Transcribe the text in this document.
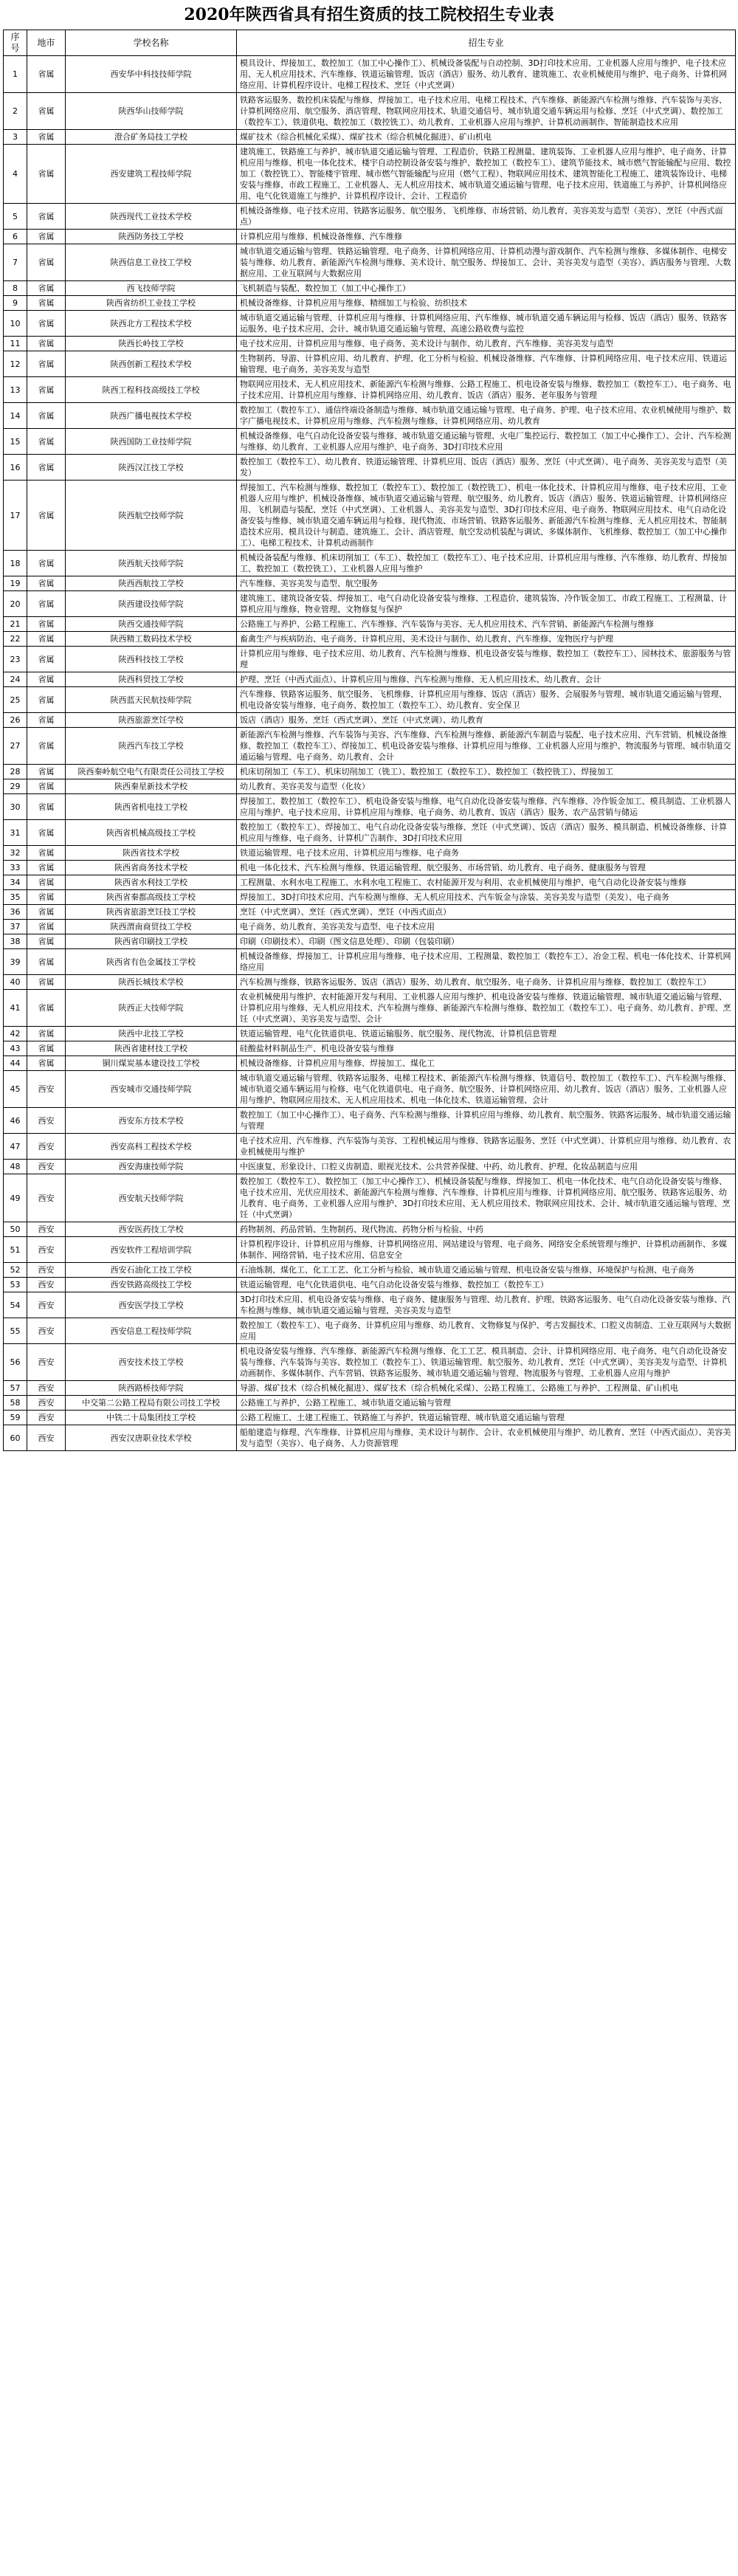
2020年陕西省具有招生资质的技工院校招生专业表
序号	地市	学校名称	招生专业
1	省属	西安华中科技技师学院	模具设计、焊接加工、数控加工（加工中心操作工）、机械设备装配与自动控制、3D打印技术应用、工业机器人应用与维护、电子技术应用、无人机应用技术、汽车维修、铁道运输管理、饭店（酒店）服务、幼儿教育、建筑施工、农业机械使用与维护、电子商务、计算机网络应用、计算机程序设计、电梯工程技术、烹饪（中式烹调）
2	省属	陕西华山技师学院	铁路客运服务、数控机床装配与维修、焊接加工、电子技术应用、电梯工程技术、汽车维修、新能源汽车检测与维修、汽车装饰与美容、计算机网络应用、航空服务、酒店管理、物联网应用技术、轨道交通信号、城市轨道交通车辆运用与检修、烹饪（中式烹调）、数控加工（数控车工）、铁道供电、数控加工（数控铣工）、幼儿教育、工业机器人应用与维护、计算机动画制作、智能制造技术应用
3	省属	澄合矿务局技工学校	煤矿技术（综合机械化采煤）、煤矿技术（综合机械化掘进）、矿山机电
4	省属	西安建筑工程技师学院	建筑施工、铁路施工与养护、城市轨道交通运输与管理、工程造价、铁路工程测量、建筑装饰、工业机器人应用与维护、电子商务、计算机应用与维修、机电一体化技术、楼宇自动控制设备安装与维护、数控加工（数控车工）、建筑节能技术、城市燃气智能输配与应用、数控加工（数控铣工）、智能楼宇管理、城市燃气智能输配与应用（燃气工程）、物联网应用技术、建筑智能化工程施工、建筑装饰设计、电梯安装与维修、市政工程施工、工业机器人、无人机应用技术、城市轨道交通运输与管理、电子技术应用、铁道施工与养护、计算机网络应用、电气化铁道施工与维护、计算机程序设计、会计、工程造价
5	省属	陕西现代工业技术学校	机械设备维修、电子技术应用、铁路客运服务、航空服务、飞机维修、市场营销、幼儿教育、美容美发与造型（美容）、烹饪（中西式面点）
6	省属	陕西防务技工学校	计算机应用与维修、机械设备维修、汽车维修
7	省属	陕西信息工业技工学校	城市轨道交通运输与管理、铁路运输管理、电子商务、计算机网络应用、计算机动漫与游戏制作、汽车检测与维修、多媒体制作、电梯安装与维修、幼儿教育、新能源汽车检测与维修、美术设计、航空服务、焊接加工、会计、美容美发与造型（美容）、酒店服务与管理、大数据应用、工业互联网与大数据应用
8	省属	西飞技师学院	飞机制造与装配、数控加工（加工中心操作工）
9	省属	陕西省纺织工业技工学校	机械设备维修、计算机应用与维修、精细加工与检验、纺织技术
10	省属	陕西北方工程技术学校	城市轨道交通运输与管理、计算机应用与维修、计算机网络应用、汽车维修、城市轨道交通车辆运用与检修、饭店（酒店）服务、铁路客运服务、电子技术应用、会计、城市轨道交通运输与管理、高速公路收费与监控
11	省属	陕西长岭技工学校	电子技术应用、计算机应用与维修、电子商务、美术设计与制作、幼儿教育、汽车维修、美容美发与造型
12	省属	陕西创新工程技术学校	生物制药、导游、计算机应用、幼儿教育、护理、化工分析与检验、机械设备维修、汽车维修、计算机网络应用、电子技术应用、铁道运输管理、电子商务、美容美发与造型
13	省属	陕西工程科技高级技工学校	物联网应用技术、无人机应用技术、新能源汽车检测与维修、公路工程施工、机电设备安装与维修、数控加工（数控车工）、电子商务、电子技术应用、计算机应用与维修、计算机网络应用、幼儿教育、饭店（酒店）服务、老年服务与管理
14	省属	陕西广播电视技术学校	数控加工（数控车工）、通信终端设备制造与维修、城市轨道交通运输与管理、电子商务、护理、电子技术应用、农业机械使用与维护、数字广播电视技术、计算机应用与维修、汽车检测与维修、计算机网络应用、幼儿教育
15	省属	陕西国防工业技师学院	机械设备维修、电气自动化设备安装与维修、城市轨道交通运输与管理、火电厂集控运行、数控加工（加工中心操作工）、会计、汽车检测与维修、幼儿教育、工业机器人应用与维护、电子商务、3D打印技术应用
16	省属	陕西汉江技工学校	数控加工（数控车工）、幼儿教育、铁道运输管理、计算机应用、饭店（酒店）服务、烹饪（中式烹调）、电子商务、美容美发与造型（美发）
17	省属	陕西航空技师学院	焊接加工、汽车检测与维修、数控加工（数控车工）、数控加工（数控铣工）、机电一体化技术、计算机应用与维修、电子技术应用、工业机器人应用与维护、机械设备维修、城市轨道交通运输与管理、航空服务、幼儿教育、饭店（酒店）服务、铁道运输管理、计算机网络应用、飞机制造与装配、烹饪（中式烹调）、工业机器人、美容美发与造型、3D打印技术应用、电子商务、物联网应用技术、电气自动化设备安装与维修、城市轨道交通车辆运用与检修、现代物流、市场营销、铁路客运服务、新能源汽车检测与维修、无人机应用技术、智能制造技术应用、模具设计与制造、建筑施工、会计、酒店管理、航空发动机装配与调试、多媒体制作、飞机维修、数控加工（加工中心操作工）、电梯工程技术、计算机动画制作
18	省属	陕西航天技师学院	机械设备装配与维修、机床切削加工（车工）、数控加工（数控车工）、电子技术应用、计算机应用与维修、汽车维修、幼儿教育、焊接加工、数控加工（数控铣工）、工业机器人应用与维护
19	省属	陕西西航技工学校	汽车维修、美容美发与造型、航空服务
20	省属	陕西建设技师学院	建筑施工、建筑设备安装、焊接加工、电气自动化设备安装与维修、工程造价、建筑装饰、冷作钣金加工、市政工程施工、工程测量、计算机应用与维修、物业管理、文物修复与保护
21	省属	陕西交通技师学院	公路施工与养护、公路工程施工、汽车维修、汽车装饰与美容、无人机应用技术、汽车营销、新能源汽车检测与维修
22	省属	陕西精工数码技术学校	畜禽生产与疾病防治、电子商务、计算机应用、美术设计与制作、幼儿教育、汽车维修、宠物医疗与护理
23	省属	陕西科技技工学校	计算机应用与维修、电子技术应用、幼儿教育、汽车检测与维修、机电设备安装与维修、数控加工（数控车工）、园林技术、旅游服务与管理
24	省属	陕西科贸技工学校	护理、烹饪（中西式面点）、计算机应用与维修、汽车检测与维修、无人机应用技术、幼儿教育、会计
25	省属	陕西蓝天民航技师学院	汽车维修、铁路客运服务、航空服务、飞机维修、计算机应用与维修、饭店（酒店）服务、会展服务与管理、城市轨道交通运输与管理、机电设备安装与维修、电子商务、数控加工（数控车工）、幼儿教育、安全保卫
26	省属	陕西旅游烹饪学校	饭店（酒店）服务、烹饪（西式烹调）、烹饪（中式烹调）、幼儿教育
27	省属	陕西汽车技工学校	新能源汽车检测与维修、汽车装饰与美容、汽车维修、汽车检测与维修、新能源汽车制造与装配、电子技术应用、汽车营销、机械设备维修、数控加工（数控车工）、焊接加工、机电设备安装与维修、计算机应用与维修、工业机器人应用与维护、物流服务与管理、城市轨道交通运输与管理、电子商务、幼儿教育、会计
28	省属	陕西秦岭航空电气有限责任公司技工学校	机床切削加工（车工）、机床切削加工（铣工）、数控加工（数控车工）、数控加工（数控铣工）、焊接加工
29	省属	陕西秦星新技术学校	幼儿教育、美容美发与造型（化妆）
30	省属	陕西省机电技工学校	焊接加工、数控加工（数控车工）、机电设备安装与维修、电气自动化设备安装与维修、汽车维修、冷作钣金加工、模具制造、工业机器人应用与维护、电子技术应用、计算机应用与维修、电子商务、幼儿教育、饭店（酒店）服务、农产品营销与储运
31	省属	陕西省机械高级技工学校	数控加工（数控车工）、焊接加工、电气自动化设备安装与维修、烹饪（中式烹调）、饭店（酒店）服务、模具制造、机械设备维修、计算机应用与维修、电子商务、计算机广告制作、3D打印技术应用
32	省属	陕西省技术学校	铁道运输管理、电子技术应用、计算机应用与维修、电子商务
33	省属	陕西省商务技术学校	机电一体化技术、汽车检测与维修、铁道运输管理、航空服务、市场营销、幼儿教育、电子商务、健康服务与管理
34	省属	陕西省水利技工学校	工程测量、水利水电工程施工、水利水电工程施工、农村能源开发与利用、农业机械使用与维护、电气自动化设备安装与维修
35	省属	陕西省秦都高级技工学校	焊接加工、3D打印技术应用、汽车检测与维修、无人机应用技术、汽车钣金与涂装、美容美发与造型（美发）、电子商务
36	省属	陕西省旅游烹饪技工学校	烹饪（中式烹调）、烹饪（西式烹调）、烹饪（中西式面点）
37	省属	陕西渭南商贸技工学校	电子商务、幼儿教育、美容美发与造型、电子技术应用
38	省属	陕西省印刷技工学校	印刷（印刷技术）、印刷（图文信息处理）、印刷（包装印刷）
39	省属	陕西省有色金属技工学校	机械设备维修、焊接加工、计算机应用与维修、电子技术应用、工程测量、数控加工（数控车工）、冶金工程、机电一体化技术、计算机网络应用
40	省属	陕西长城技术学校	汽车检测与维修、铁路客运服务、饭店（酒店）服务、幼儿教育、航空服务、电子商务、计算机应用与维修、数控加工（数控车工）
41	省属	陕西正大技师学院	农业机械使用与维护、农村能源开发与利用、工业机器人应用与维护、机电设备安装与维修、铁道运输管理、城市轨道交通运输与管理、计算机应用与维修、无人机应用技术、汽车检测与维修、新能源汽车检测与维修、数控加工（数控车工）、电子商务、幼儿教育、护理、烹饪（中式烹调）、美容美发与造型、会计
42	省属	陕西中北技工学校	铁道运输管理、电气化铁道供电、铁道运输服务、航空服务、现代物流、计算机信息管理
43	省属	陕西省建材技工学校	硅酸盐材料制品生产、机电设备安装与维修
44	省属	铜川煤炭基本建设技工学校	机械设备维修、计算机应用与维修、焊接加工、煤化工
45	西安	西安城市交通技师学院	城市轨道交通运输与管理、铁路客运服务、电梯工程技术、新能源汽车检测与维修、铁道信号、数控加工（数控车工）、汽车检测与维修、城市轨道交通车辆运用与检修、电气化铁道供电、电子商务、航空服务、计算机网络应用、幼儿教育、饭店（酒店）服务、工业机器人应用与维护、物联网应用技术、无人机应用技术、机电一体化技术、铁道运输管理、会计
46	西安	西安东方技术学校	数控加工（加工中心操作工）、电子商务、汽车检测与维修、计算机应用与维修、幼儿教育、航空服务、铁路客运服务、城市轨道交通运输与管理
47	西安	西安高科工程技术学校	电子技术应用、汽车维修、汽车装饰与美容、工程机械运用与维修、铁路客运服务、烹饪（中式烹调）、计算机应用与维修、幼儿教育、农业机械使用与维护
48	西安	西安海康技师学院	中医康复、形象设计、口腔义齿制造、眼视光技术、公共营养保健、中药、幼儿教育、护理、化妆品制造与应用
49	西安	西安航天技师学院	数控加工（数控车工）、数控加工（加工中心操作工）、机械设备装配与维修、焊接加工、机电一体化技术、电气自动化设备安装与维修、电子技术应用、光伏应用技术、新能源汽车检测与维修、汽车维修、计算机应用与维修、计算机网络应用、航空服务、铁路客运服务、幼儿教育、电子商务、工业机器人应用与维护、3D打印技术应用、无人机应用技术、物联网应用技术、会计、城市轨道交通运输与管理、烹饪（中式烹调）
50	西安	西安医药技工学校	药物制剂、药品营销、生物制药、现代物流、药物分析与检验、中药
51	西安	西安软件工程培训学院	计算机程序设计、计算机应用与维修、计算机网络应用、网站建设与管理、电子商务、网络安全系统管理与维护、计算机动画制作、多媒体制作、网络营销、电子技术应用、信息安全
52	西安	西安石油化工技工学校	石油炼制、煤化工、化工工艺、化工分析与检验、城市轨道交通运输与管理、机电设备安装与维修、环境保护与检测、电子商务
53	西安	西安铁路高级技工学校	铁道运输管理、电气化铁道供电、电气自动化设备安装与维修、数控加工（数控车工）
54	西安	西安医学技工学校	3D打印技术应用、机电设备安装与维修、电子商务、健康服务与管理、幼儿教育、护理、铁路客运服务、电气自动化设备安装与维修、汽车检测与维修、城市轨道交通运输与管理、美容美发与造型
55	西安	西安信息工程技师学院	数控加工（数控车工）、电子商务、计算机应用与维修、幼儿教育、文物修复与保护、考古发掘技术、口腔义齿制造、工业互联网与大数据应用
56	西安	西安技术技工学校	机电设备安装与维修、汽车维修、新能源汽车检测与维修、化工工艺、模具制造、会计、计算机网络应用、电子商务、电气自动化设备安装与维修、汽车装饰与美容、数控加工（数控车工）、铁道运输管理、航空服务、幼儿教育、烹饪（中式烹调）、美容美发与造型、计算机动画制作、多媒体制作、汽车营销、铁路客运服务、城市轨道交通运输与管理、物流服务与管理、工业机器人应用与维护
57	西安	陕西路桥技师学院	导游、煤矿技术（综合机械化掘进）、煤矿技术（综合机械化采煤）、公路工程施工、公路施工与养护、工程测量、矿山机电
58	西安	中交第二公路工程局有限公司技工学校	公路施工与养护、公路工程施工、城市轨道交通运输与管理
59	西安	中铁二十局集团技工学校	公路工程施工、土建工程施工、铁路施工与养护、铁道运输管理、城市轨道交通运输与管理
60	西安	西安汉唐职业技术学校	船舶建造与修理、汽车维修、计算机应用与维修、美术设计与制作、会计、农业机械使用与维护、幼儿教育、烹饪（中西式面点）、美容美发与造型（美容）、电子商务、人力资源管理
